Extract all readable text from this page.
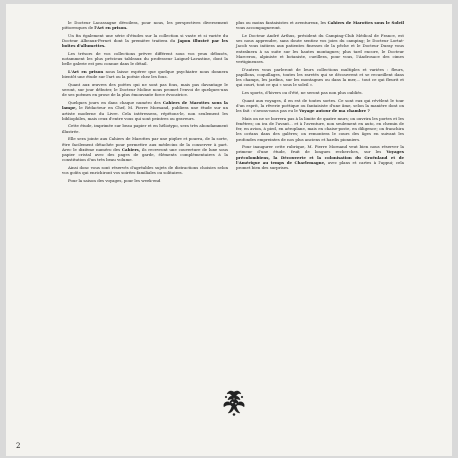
le Docteur Lacassagne dévoilera, pour nous, les perspectives diversement pittoresques de l'Art en prison.

Un fin également une série d'études sur la collection si vaste et si variée du Docteur Albeaux-Fernet dont la première traitera du Japon illustré par les boîtes d'allumettes.

Les trésors de vos collections prèvre différent sous vos yeux débusés, notamment les plus précieux tableaux du professeur Laignel-Lavastine, dont la belle galerie est peu connue dans le détail.

L'Art en prison nous laisse espérer que quelque psychiatre nous donnera bientôt une étude sur l'art ou la poésie chez les fous.

Quant aux œuvres des poètes qui ne sont pas fous, mais pas davantage le seront, sur jour débuter, le Docteur Moline nous promet l'envoi de quelques-uns de ses poèmes en prose de la plus émouvante force évocatrice.

Quelques jours en dans chaque numéro des Cahiers de Marottes sous la lampe, le Rédacteur en Chef, M. Pierre Mornand, publiera une étude sur un artiste moderne du Livre. Cela intéressera, répétons-le, non seulement les bibliophiles, mais ceux d'entre vous qui sont peintres ou graveurs.

Cette étude, imprimée sur beau papier et en héliotypo, sera très abondamment illustrée.

Elle sera jointe aux Cahiers de Marottes par une piqûre et pourra, de la sorte, être facilement détachée pour permettre aux médecins de la conserver à part. Avec le dixième numéro des Cahiers, ils recevront une couverture de luxe sous papier cristal avec des pages de garde, éléments complémentaires à la constitution d'un très beau volume.

Ainsi donc vous sont réservés d'agréables sujets de distractions choisies selon vos goûts qui enrichiront vos soirées familiales ou solitaires.

Pour la saison des voyages, pour les week-end

plus ou moins fantaisistes et aventureux, les Cahiers de Marottes sous le Soleil vous accompagneront.

Le Docteur André Arthus, président du Camping-Club Médical de France, est ses nous apprendre, sans doute sentiez vos joies du camping; le Docteur Lortat-Jacob vous initiera aux patientes finesses de la pêche et le Docteur Duray vous entraînera à sa suite sur les hautes montagnes; plus tard encore, le Docteur Marcerou, alpiniste et botaniste, cueillera, pour vous, l'Androsace des cimes vertigineuses.

D'autres vous parleront de leurs collections multiples et variées : fleurs, papillons, coquillages, toutes les raretés qui se découvrent et se recueillent dans les champs, les jardins, sur les montagnes ou dans la mer,... tout ce qui fleurit et qui court, tout ce qui « sous le soleil ».

Les sports, d'hivers ou d'été, ne seront pas non plus oubliés.

Quant aux voyages, il en est de toutes sortes. Ce sont eux qui révèlent le tour d'un esprit, la rêverie poétique ou fantaisiste d'une âme, selon la manière dont on les fait : s'avons-nous pas eu le Voyage autour de ma chambre ?

Mais on ne se borrera pas à la limite de quatre murs; on ouvrira les portes et les fenêtres; on ira de l'avant... et à l'aventure, non seulement en auto, en chemin de fer, en avion, à pied, en aéroplane, mais en chaise-poste, en diligence; on franchira les océans dans des galères; on remontera le cours des âges en suivant les profondes empreintes de nos plus anciens et hardis pionniers.

Pour inaugurer cette rubrique, M. Pierre Mornand veut bien nous réserver la primeur d'une étude, fruit de longues recherches, sur les Voyages précolombiens, la Découverte et la colonisation du Groënland et de l'Amérique au temps de Charlemagne, avec plans et cartes à l'appui; cela promet bien des surprises.

2
